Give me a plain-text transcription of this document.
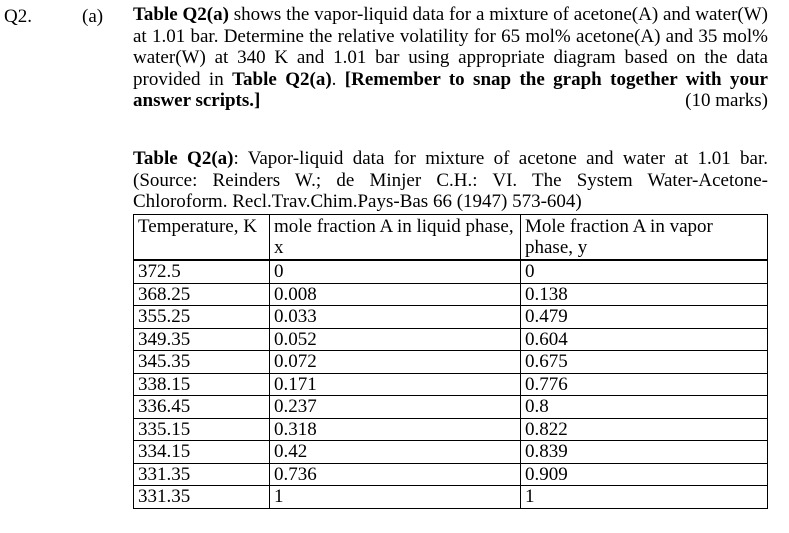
Q2.	(a) Table Q2(a) shows the vapor-liquid data for a mixture of acetone(A) and water(W) at 1.01 bar. Determine the relative volatility for 65 mol% acetone(A) and 35 mol% water(W) at 340 K and 1.01 bar using appropriate diagram based on the data provided in Table Q2(a). [Remember to snap the graph together with your answer scripts.]	(10 marks)

Table Q2(a): Vapor-liquid data for mixture of acetone and water at 1.01 bar. (Source: Reinders W.; de Minjer C.H.: VI. The System Water-Acetone-Chloroform. Recl.Trav.Chim.Pays-Bas 66 (1947) 573-604)

Temperature, K	mole fraction A in liquid phase, x	Mole fraction A in vapor phase, y
372.5	0	0
368.25	0.008	0.138
355.25	0.033	0.479
349.35	0.052	0.604
345.35	0.072	0.675
338.15	0.171	0.776
336.45	0.237	0.8
335.15	0.318	0.822
334.15	0.42	0.839
331.35	0.736	0.909
331.35	1	1
